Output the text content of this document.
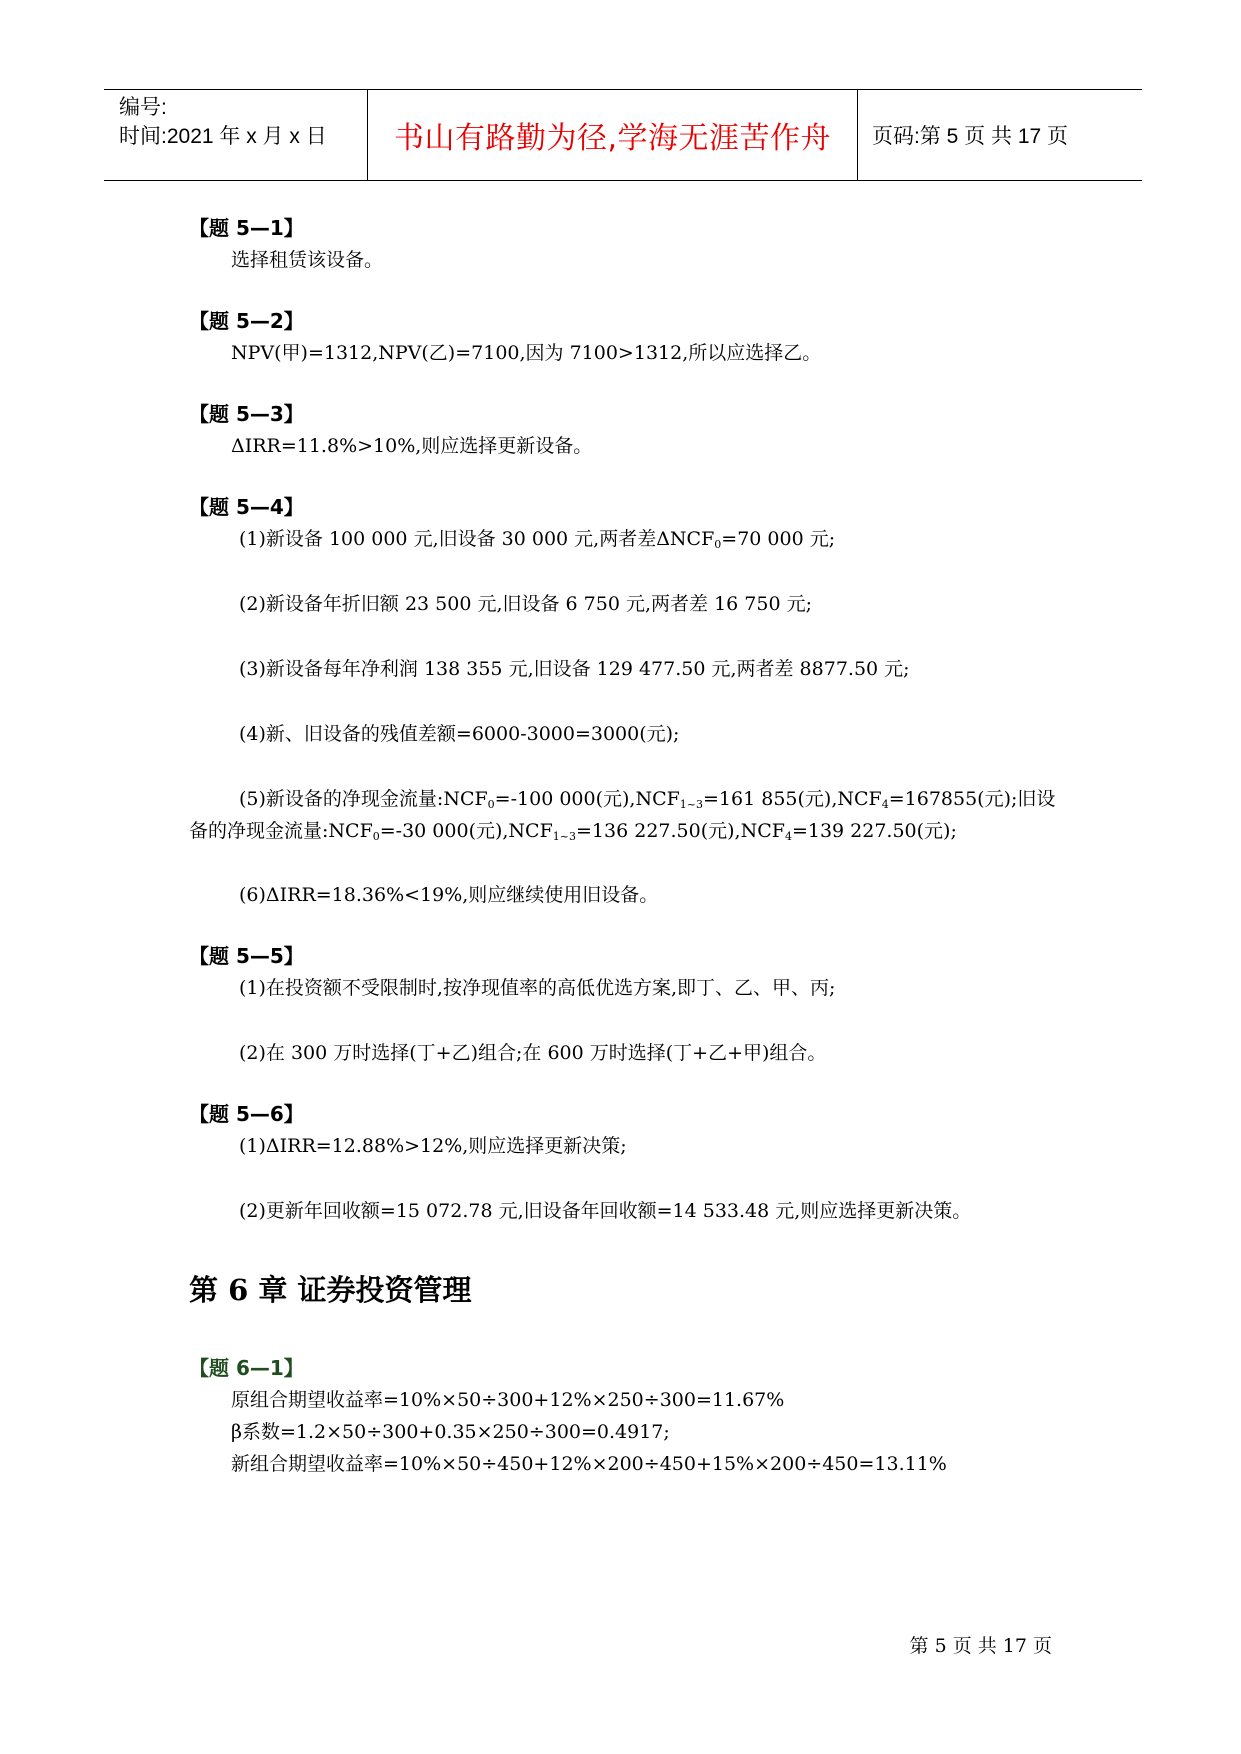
编号:
时间:2021 年 x 月 x 日	书山有路勤为径,学海无涯苦作舟	页码:第 5 页 共 17 页
【题 5—1】
选择租赁该设备。
【题 5—2】
NPV(甲)=1312,NPV(乙)=7100,因为 7100>1312,所以应选择乙。
【题 5—3】
ΔIRR=11.8%>10%,则应选择更新设备。
【题 5—4】
(1)新设备 100 000 元,旧设备 30 000 元,两者差$\Delta NCF_0=70$ 000 元;
(2)新设备年折旧额 23 500 元,旧设备 6 750 元,两者差 16 750 元;
(3)新设备每年净利润 138 355 元,旧设备 129 477.50 元,两者差 8877.50 元;
(4)新、旧设备的残值差额=6000-3000=3000(元);
(5)新设备的净现金流量$:NCF_0=-100$ 000(元)$,NCF_{1\sim 3}=161$ 855(元)$,NCF_4=167855$(元);旧设备的净现金流量$:NCF_0=-30$ 000(元)$,NCF_{1\sim 3}=136$ 227.50(元)$,NCF_4=139$ 227.50(元);
(6)ΔIRR=18.36%<19%,则应继续使用旧设备。
【题 5—5】
(1)在投资额不受限制时,按净现值率的高低优选方案,即丁、乙、甲、丙;
(2)在 300 万时选择(丁+乙)组合;在 600 万时选择(丁+乙+甲)组合。
【题 5—6】
(1)ΔIRR=12.88%>12%,则应选择更新决策;
(2)更新年回收额=15 072.78 元,旧设备年回收额=14 533.48 元,则应选择更新决策。
第 6 章 证券投资管理
【题 6—1】
原组合期望收益率=10%×50÷300+12%×250÷300=11.67%
β系数=1.2×50÷300+0.35×250÷300=0.4917;
新组合期望收益率=10%×50÷450+12%×200÷450+15%×200÷450=13.11%
第 5 页 共 17 页
